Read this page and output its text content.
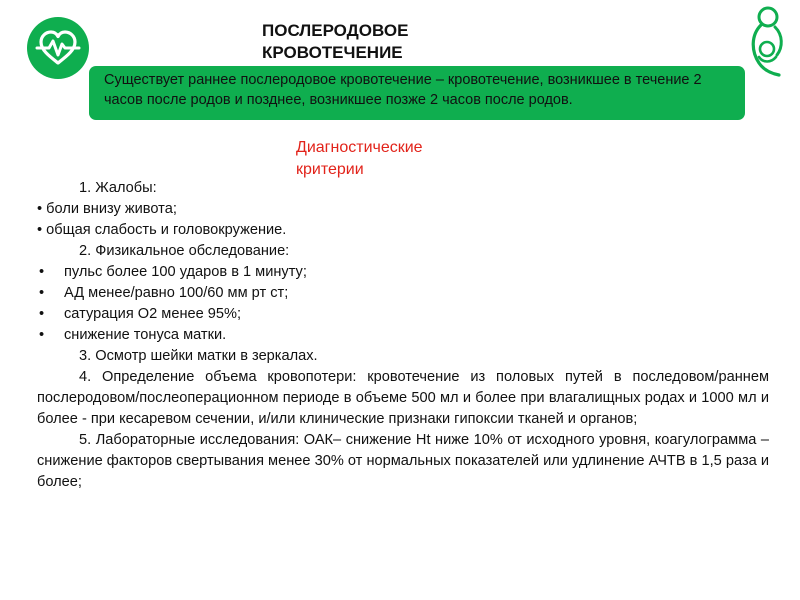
ПОСЛЕРОДОВОЕ
КРОВОТЕЧЕНИЕ
Существует раннее послеродовое кровотечение – кровотечение, возникшее в течение 2 часов после родов и позднее, возникшее позже 2 часов после родов.
Диагностические
критерии

1. Жалобы:

• боли внизу живота;

• общая слабость и головокружение.

2. Физикальное обследование:

• пульс более 100 ударов в 1 минуту;
• АД менее/равно 100/60 мм рт ст;
• сатурация O2 менее 95%;
• снижение тонуса матки.

3. Осмотр шейки матки в зеркалах.

4. Определение объема кровопотери: кровотечение из половых путей в последовом/раннем послеродовом/послеоперационном периоде в объеме 500 мл и более при влагалищных родах и 1000 мл и более - при кесаревом сечении, и/или клинические признаки гипоксии тканей и органов;

5. Лабораторные исследования: ОАК– снижение Нt ниже 10% от исходного уровня, коагулограмма – снижение факторов свертывания менее 30% от нормальных показателей или удлинение АЧТВ в 1,5 раза и более;
